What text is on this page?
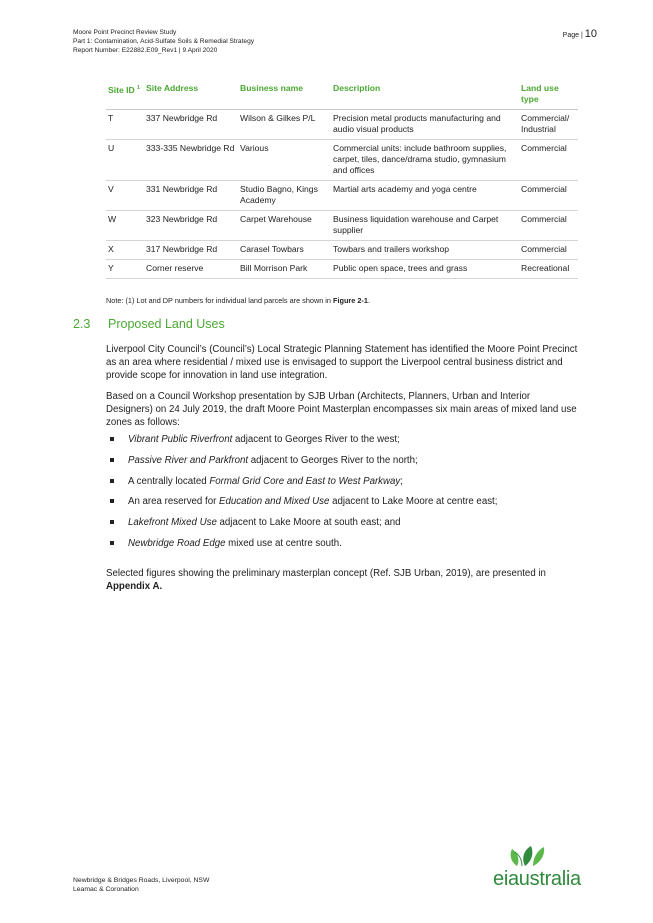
Moore Point Precinct Review Study
Part 1: Contamination, Acid-Sulfate Soils & Remedial Strategy
Report Number: E22882.E09_Rev1 | 9 April 2020
Page | 10
Site ID $^1$	Site Address	Business name	Description	Land use type
T	337 Newbridge Rd	Wilson & Gilkes P/L	Precision metal products manufacturing and audio visual products	Commercial/ Industrial
U	333-335 Newbridge Rd	Various	Commercial units: include bathroom supplies, carpet, tiles, dance/drama studio, gymnasium and offices	Commercial
V	331 Newbridge Rd	Studio Bagno, Kings Academy	Martial arts academy and yoga centre	Commercial
W	323 Newbridge Rd	Carpet Warehouse	Business liquidation warehouse and Carpet supplier	Commercial
X	317 Newbridge Rd	Carasel Towbars	Towbars and trailers workshop	Commercial
Y	Corner reserve	Bill Morrison Park	Public open space, trees and grass	Recreational
Note: (1) Lot and DP numbers for individual land parcels are shown in Figure 2-1.
2.3 Proposed Land Uses
Liverpool City Council’s (Council’s) Local Strategic Planning Statement has identified the Moore Point Precinct as an area where residential / mixed use is envisaged to support the Liverpool central business district and provide scope for innovation in land use integration.
Based on a Council Workshop presentation by SJB Urban (Architects, Planners, Urban and Interior Designers) on 24 July 2019, the draft Moore Point Masterplan encompasses six main areas of mixed land use zones as follows:
Vibrant Public Riverfront adjacent to Georges River to the west;
Passive River and Parkfront adjacent to Georges River to the north;
A centrally located Formal Grid Core and East to West Parkway;
An area reserved for Education and Mixed Use adjacent to Lake Moore at centre east;
Lakefront Mixed Use adjacent to Lake Moore at south east; and
Newbridge Road Edge mixed use at centre south.
Selected figures showing the preliminary masterplan concept (Ref. SJB Urban, 2019), are presented in Appendix A.
Newbridge & Bridges Roads, Liverpool, NSW
Leamac & Coronation	eiaustralia
